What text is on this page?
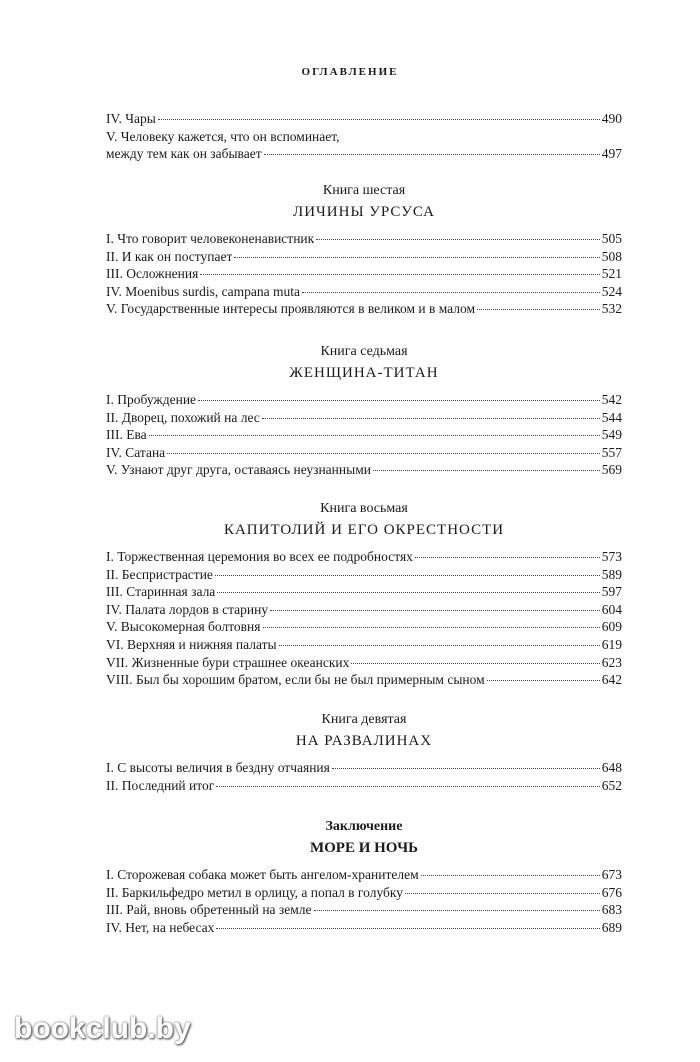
ОГЛАВЛЕНИЕ
IV. Чары	490
V. Человеку кажется, что он вспоминает,
между тем как он забывает	497
Книга шестая
ЛИЧИНЫ УРСУСА
I. Что говорит человеконенавистник	505
II. И как он поступает	508
III. Осложнения	521
IV. Moenibus surdis, campana muta	524
V. Государственные интересы проявляются в великом и в малом	532
Книга седьмая
ЖЕНЩИНА-ТИТАН
I. Пробуждение	542
II. Дворец, похожий на лес	544
III. Ева	549
IV. Сатана	557
V. Узнают друг друга, оставаясь неузнанными	569
Книга восьмая
КАПИТОЛИЙ И ЕГО ОКРЕСТНОСТИ
I. Торжественная церемония во всех ее подробностях	573
II. Беспристрастие	589
III. Старинная зала	597
IV. Палата лордов в старину	604
V. Высокомерная болтовня	609
VI. Верхняя и нижняя палаты	619
VII. Жизненные бури страшнее океанских	623
VIII. Был бы хорошим братом, если бы не был примерным сыном	642
Книга девятая
НА РАЗВАЛИНАХ
I. С высоты величия в бездну отчаяния	648
II. Последний итог	652
Заключение
МОРЕ И НОЧЬ
I. Сторожевая собака может быть ангелом-хранителем	673
II. Баркильфедро метил в орлицу, а попал в голубку	676
III. Рай, вновь обретенный на земле	683
IV. Нет, на небесах	689
bookclub.by
